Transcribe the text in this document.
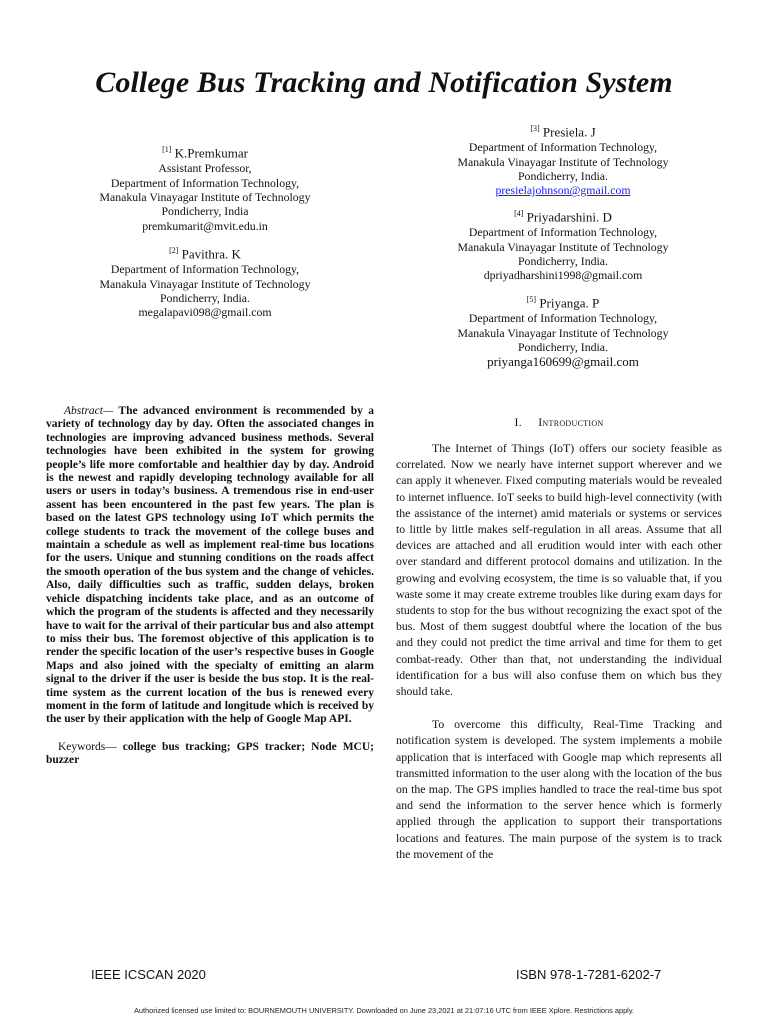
College Bus Tracking and Notification System
[1] K.Premkumar
Assistant Professor,
Department of Information Technology,
Manakula Vinayagar Institute of Technology
Pondicherry, India
premkumarit@mvit.edu.in
[2] Pavithra. K
Department of Information Technology,
Manakula Vinayagar Institute of Technology
Pondicherry, India.
megalapavi098@gmail.com
[3] Presiela. J
Department of Information Technology,
Manakula Vinayagar Institute of Technology
Pondicherry, India.
presielajohnson@gmail.com
[4] Priyadarshini. D
Department of Information Technology,
Manakula Vinayagar Institute of Technology
Pondicherry, India.
dpriyadharshini1998@gmail.com
[5] Priyanga. P
Department of Information Technology,
Manakula Vinayagar Institute of Technology
Pondicherry, India.
priyanga160699@gmail.com
Abstract— The advanced environment is recommended by a variety of technology day by day. Often the associated changes in technologies are improving advanced business methods. Several technologies have been exhibited in the system for growing people’s life more comfortable and healthier day by day. Android is the newest and rapidly developing technology available for all users or users in today’s business. A tremendous rise in end-user assent has been encountered in the past few years. The plan is based on the latest GPS technology using IoT which permits the college students to track the movement of the college buses and maintain a schedule as well as implement real-time bus locations for the users. Unique and stunning conditions on the roads affect the smooth operation of the bus system and the change of vehicles. Also, daily difficulties such as traffic, sudden delays, broken vehicle dispatching incidents take place, and as an outcome of which the program of the students is affected and they necessarily have to wait for the arrival of their particular bus and also attempt to miss their bus. The foremost objective of this application is to render the specific location of the user’s respective buses in Google Maps and also joined with the specialty of emitting an alarm signal to the driver if the user is beside the bus stop. It is the real-time system as the current location of the bus is renewed every moment in the form of latitude and longitude which is received by the user by their application with the help of Google Map API.
Keywords— college bus tracking; GPS tracker; Node MCU; buzzer
I. Introduction

The Internet of Things (IoT) offers our society feasible as correlated. Now we nearly have internet support wherever and we can apply it whenever. Fixed computing materials would be revealed to internet influence. IoT seeks to build high-level connectivity (with the assistance of the internet) amid materials or systems or services to little by little makes self-regulation in all areas. Assume that all devices are attached and all erudition would inter with each other over standard and different protocol domains and utilization. In the growing and evolving ecosystem, the time is so valuable that, if you waste some it may create extreme troubles like during exam days for students to stop for the bus without recognizing the exact spot of the bus. Most of them suggest doubtful where the location of the bus and they could not predict the time arrival and time for them to get combat-ready. Other than that, not understanding the individual identification for a bus will also confuse them on which bus they should take.

To overcome this difficulty, Real-Time Tracking and notification system is developed. The system implements a mobile application that is interfaced with Google map which represents all transmitted information to the user along with the location of the bus on the map. The GPS implies handled to trace the real-time bus spot and send the information to the server hence which is formerly applied through the application to support their transportations locations and features. The main purpose of the system is to track the movement of the

IEEE ICSCAN 2020	ISBN 978-1-7281-6202-7
Authorized licensed use limited to: BOURNEMOUTH UNIVERSITY. Downloaded on June 23,2021 at 21:07:16 UTC from IEEE Xplore. Restrictions apply.
